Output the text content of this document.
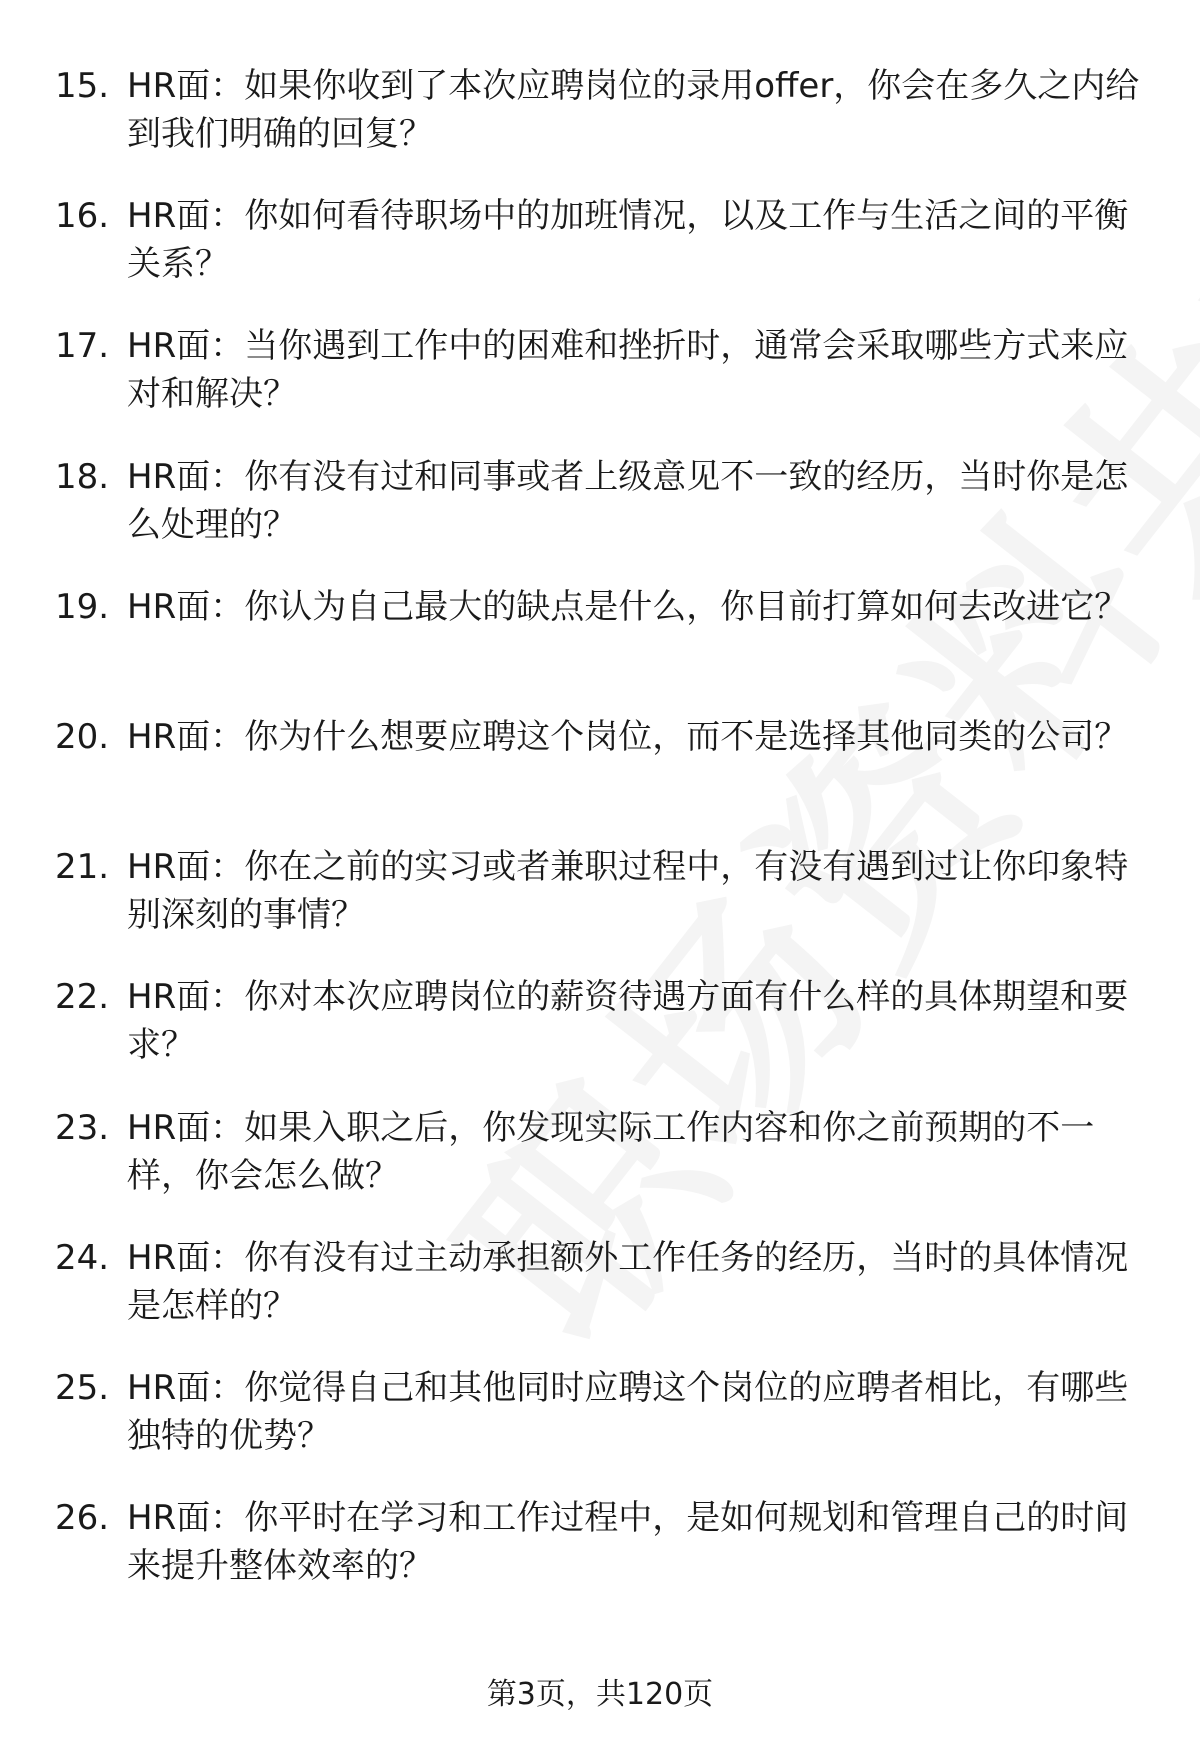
15. HR面：如果你收到了本次应聘岗位的录用offer，你会在多久之内给到我们明确的回复？
16. HR面：你如何看待职场中的加班情况，以及工作与生活之间的平衡关系？
17. HR面：当你遇到工作中的困难和挫折时，通常会采取哪些方式来应对和解决？
18. HR面：你有没有过和同事或者上级意见不一致的经历，当时你是怎么处理的？
19. HR面：你认为自己最大的缺点是什么，你目前打算如何去改进它？
20. HR面：你为什么想要应聘这个岗位，而不是选择其他同类的公司？
21. HR面：你在之前的实习或者兼职过程中，有没有遇到过让你印象特别深刻的事情？
22. HR面：你对本次应聘岗位的薪资待遇方面有什么样的具体期望和要求？
23. HR面：如果入职之后，你发现实际工作内容和你之前预期的不一样，你会怎么做？
24. HR面：你有没有过主动承担额外工作任务的经历，当时的具体情况是怎样的？
25. HR面：你觉得自己和其他同时应聘这个岗位的应聘者相比，有哪些独特的优势？
26. HR面：你平时在学习和工作过程中，是如何规划和管理自己的时间来提升整体效率的？
第3页，共120页
